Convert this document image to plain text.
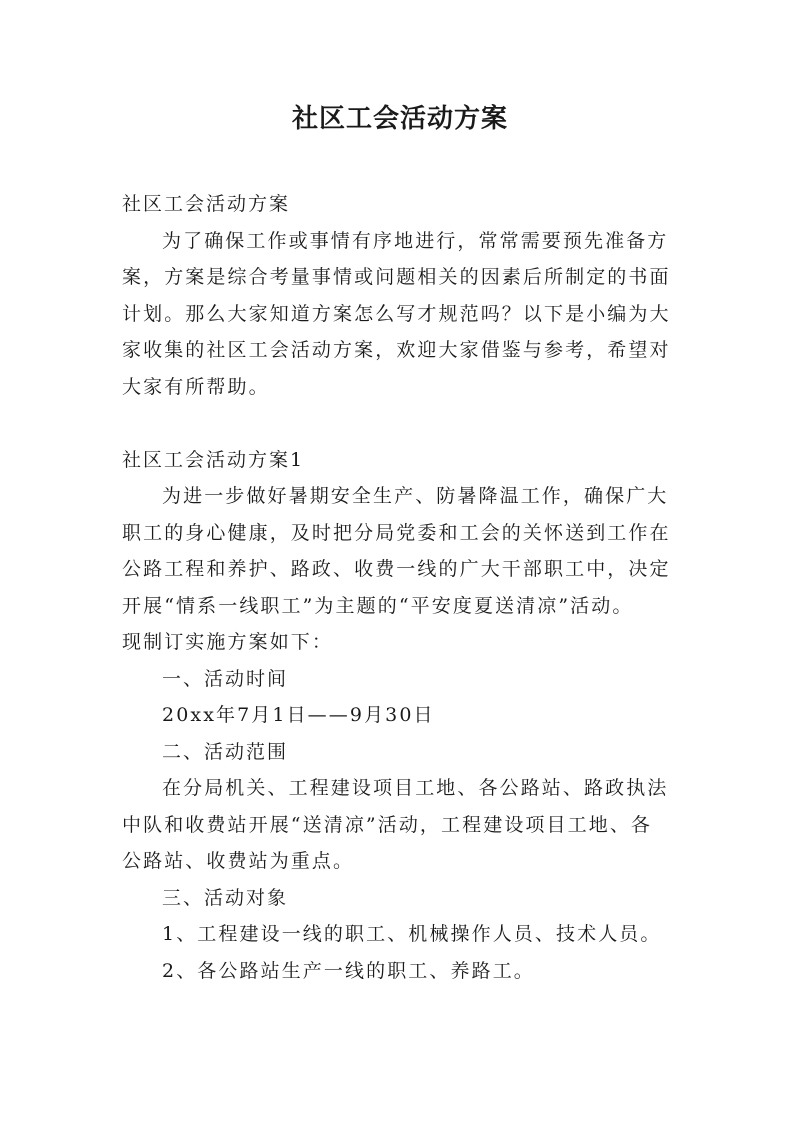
社区工会活动方案
社区工会活动方案
为了确保工作或事情有序地进行，常常需要预先准备方
案，方案是综合考量事情或问题相关的因素后所制定的书面
计划。那么大家知道方案怎么写才规范吗？以下是小编为大
家收集的社区工会活动方案，欢迎大家借鉴与参考，希望对
大家有所帮助。
社区工会活动方案1
为进一步做好暑期安全生产、防暑降温工作，确保广大
职工的身心健康，及时把分局党委和工会的关怀送到工作在
公路工程和养护、路政、收费一线的广大干部职工中，决定
开展“情系一线职工”为主题的“平安度夏送清凉”活动。
现制订实施方案如下：
一、活动时间
20xx年7月1日——9月30日
二、活动范围
在分局机关、工程建设项目工地、各公路站、路政执法
中队和收费站开展“送清凉”活动，工程建设项目工地、各
公路站、收费站为重点。
三、活动对象
1、工程建设一线的职工、机械操作人员、技术人员。
2、各公路站生产一线的职工、养路工。
